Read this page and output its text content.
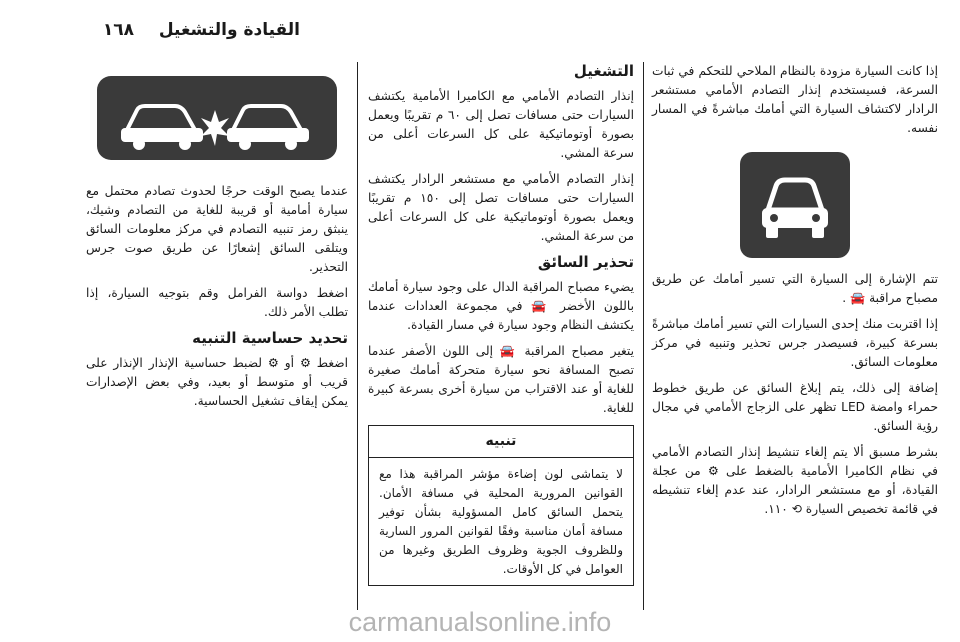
١٦٨ القيادة والتشغيل

إذا كانت السيارة مزودة بالنظام الملاحي للتحكم في ثبات السرعة، فسيستخدم إنذار التصادم الأمامي مستشعر الرادار لاكتشاف السيارة التي أمامك مباشرةً في المسار نفسه.

تتم الإشارة إلى السيارة التي تسير أمامك عن طريق مصباح مراقبة 🚘 .

إذا اقتربت منك إحدى السيارات التي تسير أمامك مباشرةً بسرعة كبيرة، فسيصدر جرس تحذير وتنبيه في مركز معلومات السائق.

إضافة إلى ذلك، يتم إبلاغ السائق عن طريق خطوط حمراء وامضة LED تظهر على الزجاج الأمامي في مجال رؤية السائق.

بشرط مسبق ألا يتم إلغاء تنشيط إنذار التصادم الأمامي في نظام الكاميرا الأمامية بالضغط على ⚙ من عجلة القيادة، أو مع مستشعر الرادار، عند عدم إلغاء تنشيطه في قائمة تخصيص السيارة ⟲ ١١٠.

التشغيل

إنذار التصادم الأمامي مع الكاميرا الأمامية يكتشف السيارات حتى مسافات تصل إلى ٦٠ م تقريبًا ويعمل بصورة أوتوماتيكية على كل السرعات أعلى من سرعة المشي.

إنذار التصادم الأمامي مع مستشعر الرادار يكتشف السيارات حتى مسافات تصل إلى ١٥٠ م تقريبًا ويعمل بصورة أوتوماتيكية على كل السرعات أعلى من سرعة المشي.

تحذير السائق

يضيء مصباح المراقبة الدال على وجود سيارة أمامك باللون الأخضر 🚘 في مجموعة العدادات عندما يكتشف النظام وجود سيارة في مسار القيادة.

يتغير مصباح المراقبة 🚘 إلى اللون الأصفر عندما تصبح المسافة نحو سيارة متحركة أمامك صغيرة للغاية أو عند الاقتراب من سيارة أخرى بسرعة كبيرة للغاية.

تنبيه
لا يتماشى لون إضاءة مؤشر المراقبة هذا مع القوانين المرورية المحلية في مسافة الأمان. يتحمل السائق كامل المسؤولية بشأن توفير مسافة أمان مناسبة وفقًا لقوانين المرور السارية وللظروف الجوية وظروف الطريق وغيرها من العوامل في كل الأوقات.

عندما يصبح الوقت حرجًا لحدوث تصادم محتمل مع سيارة أمامية أو قريبة للغاية من التصادم وشيك، ينبثق رمز تنبيه التصادم في مركز معلومات السائق ويتلقى السائق إشعارًا عن طريق صوت جرس التحذير.

اضغط دواسة الفرامل وقم بتوجيه السيارة، إذا تطلب الأمر ذلك.

تحديد حساسية التنبيه

اضغط ⚙ أو ⚙ لضبط حساسية الإنذار الإنذار على قريب أو متوسط أو بعيد، وفي بعض الإصدارات يمكن إيقاف تشغيل الحساسية.

carmanualsonline.info
